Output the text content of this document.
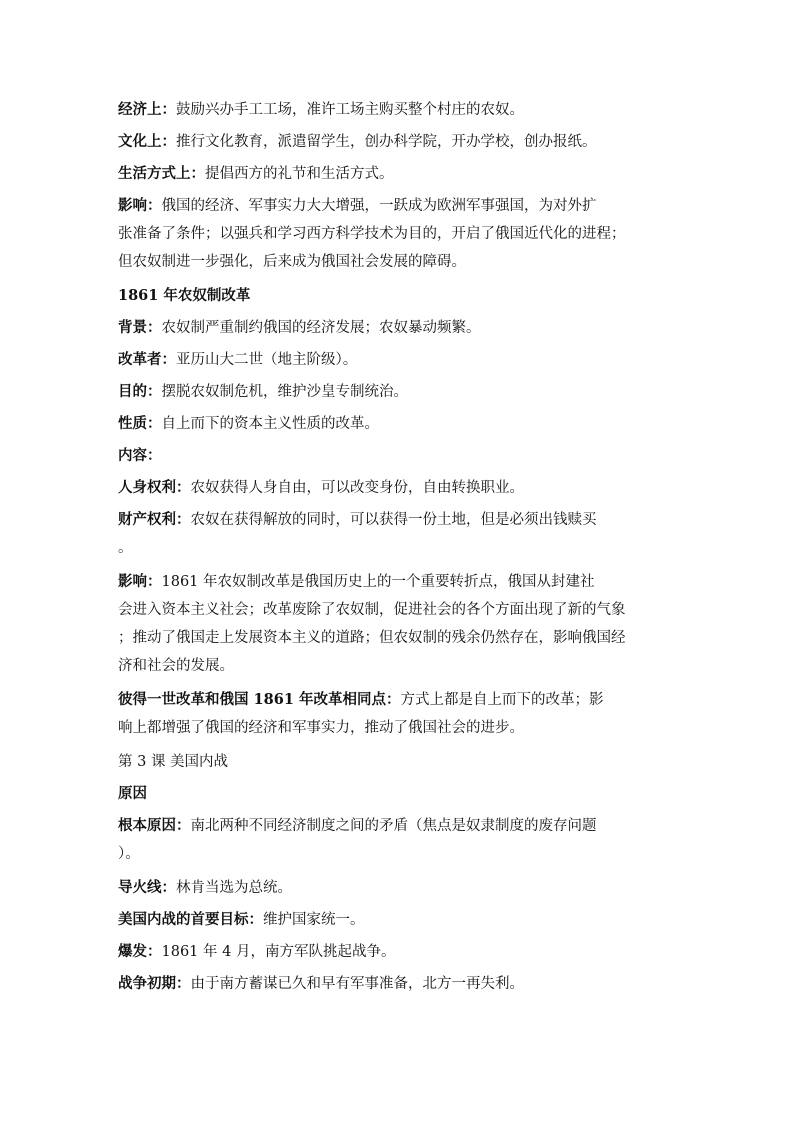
经济上：鼓励兴办手工工场，准许工场主购买整个村庄的农奴。
文化上：推行文化教育，派遣留学生，创办科学院，开办学校，创办报纸。
生活方式上：提倡西方的礼节和生活方式。
影响：俄国的经济、军事实力大大增强，一跃成为欧洲军事强国，为对外扩
张准备了条件；以强兵和学习西方科学技术为目的，开启了俄国近代化的进程；
但农奴制进一步强化，后来成为俄国社会发展的障碍。
1861 年农奴制改革
背景：农奴制严重制约俄国的经济发展；农奴暴动频繁。
改革者：亚历山大二世（地主阶级）。
目的：摆脱农奴制危机，维护沙皇专制统治。
性质：自上而下的资本主义性质的改革。
内容：
人身权利：农奴获得人身自由，可以改变身份，自由转换职业。
财产权利：农奴在获得解放的同时，可以获得一份土地，但是必须出钱赎买
。
影响：1861 年农奴制改革是俄国历史上的一个重要转折点，俄国从封建社
会进入资本主义社会；改革废除了农奴制，促进社会的各个方面出现了新的气象
；推动了俄国走上发展资本主义的道路；但农奴制的残余仍然存在，影响俄国经
济和社会的发展。
彼得一世改革和俄国 1861 年改革相同点：方式上都是自上而下的改革；影
响上都增强了俄国的经济和军事实力，推动了俄国社会的进步。
第 3 课 美国内战
原因
根本原因：南北两种不同经济制度之间的矛盾（焦点是奴隶制度的废存问题
）。
导火线：林肯当选为总统。
美国内战的首要目标：维护国家统一。
爆发：1861 年 4 月，南方军队挑起战争。
战争初期：由于南方蓄谋已久和早有军事准备，北方一再失利。
